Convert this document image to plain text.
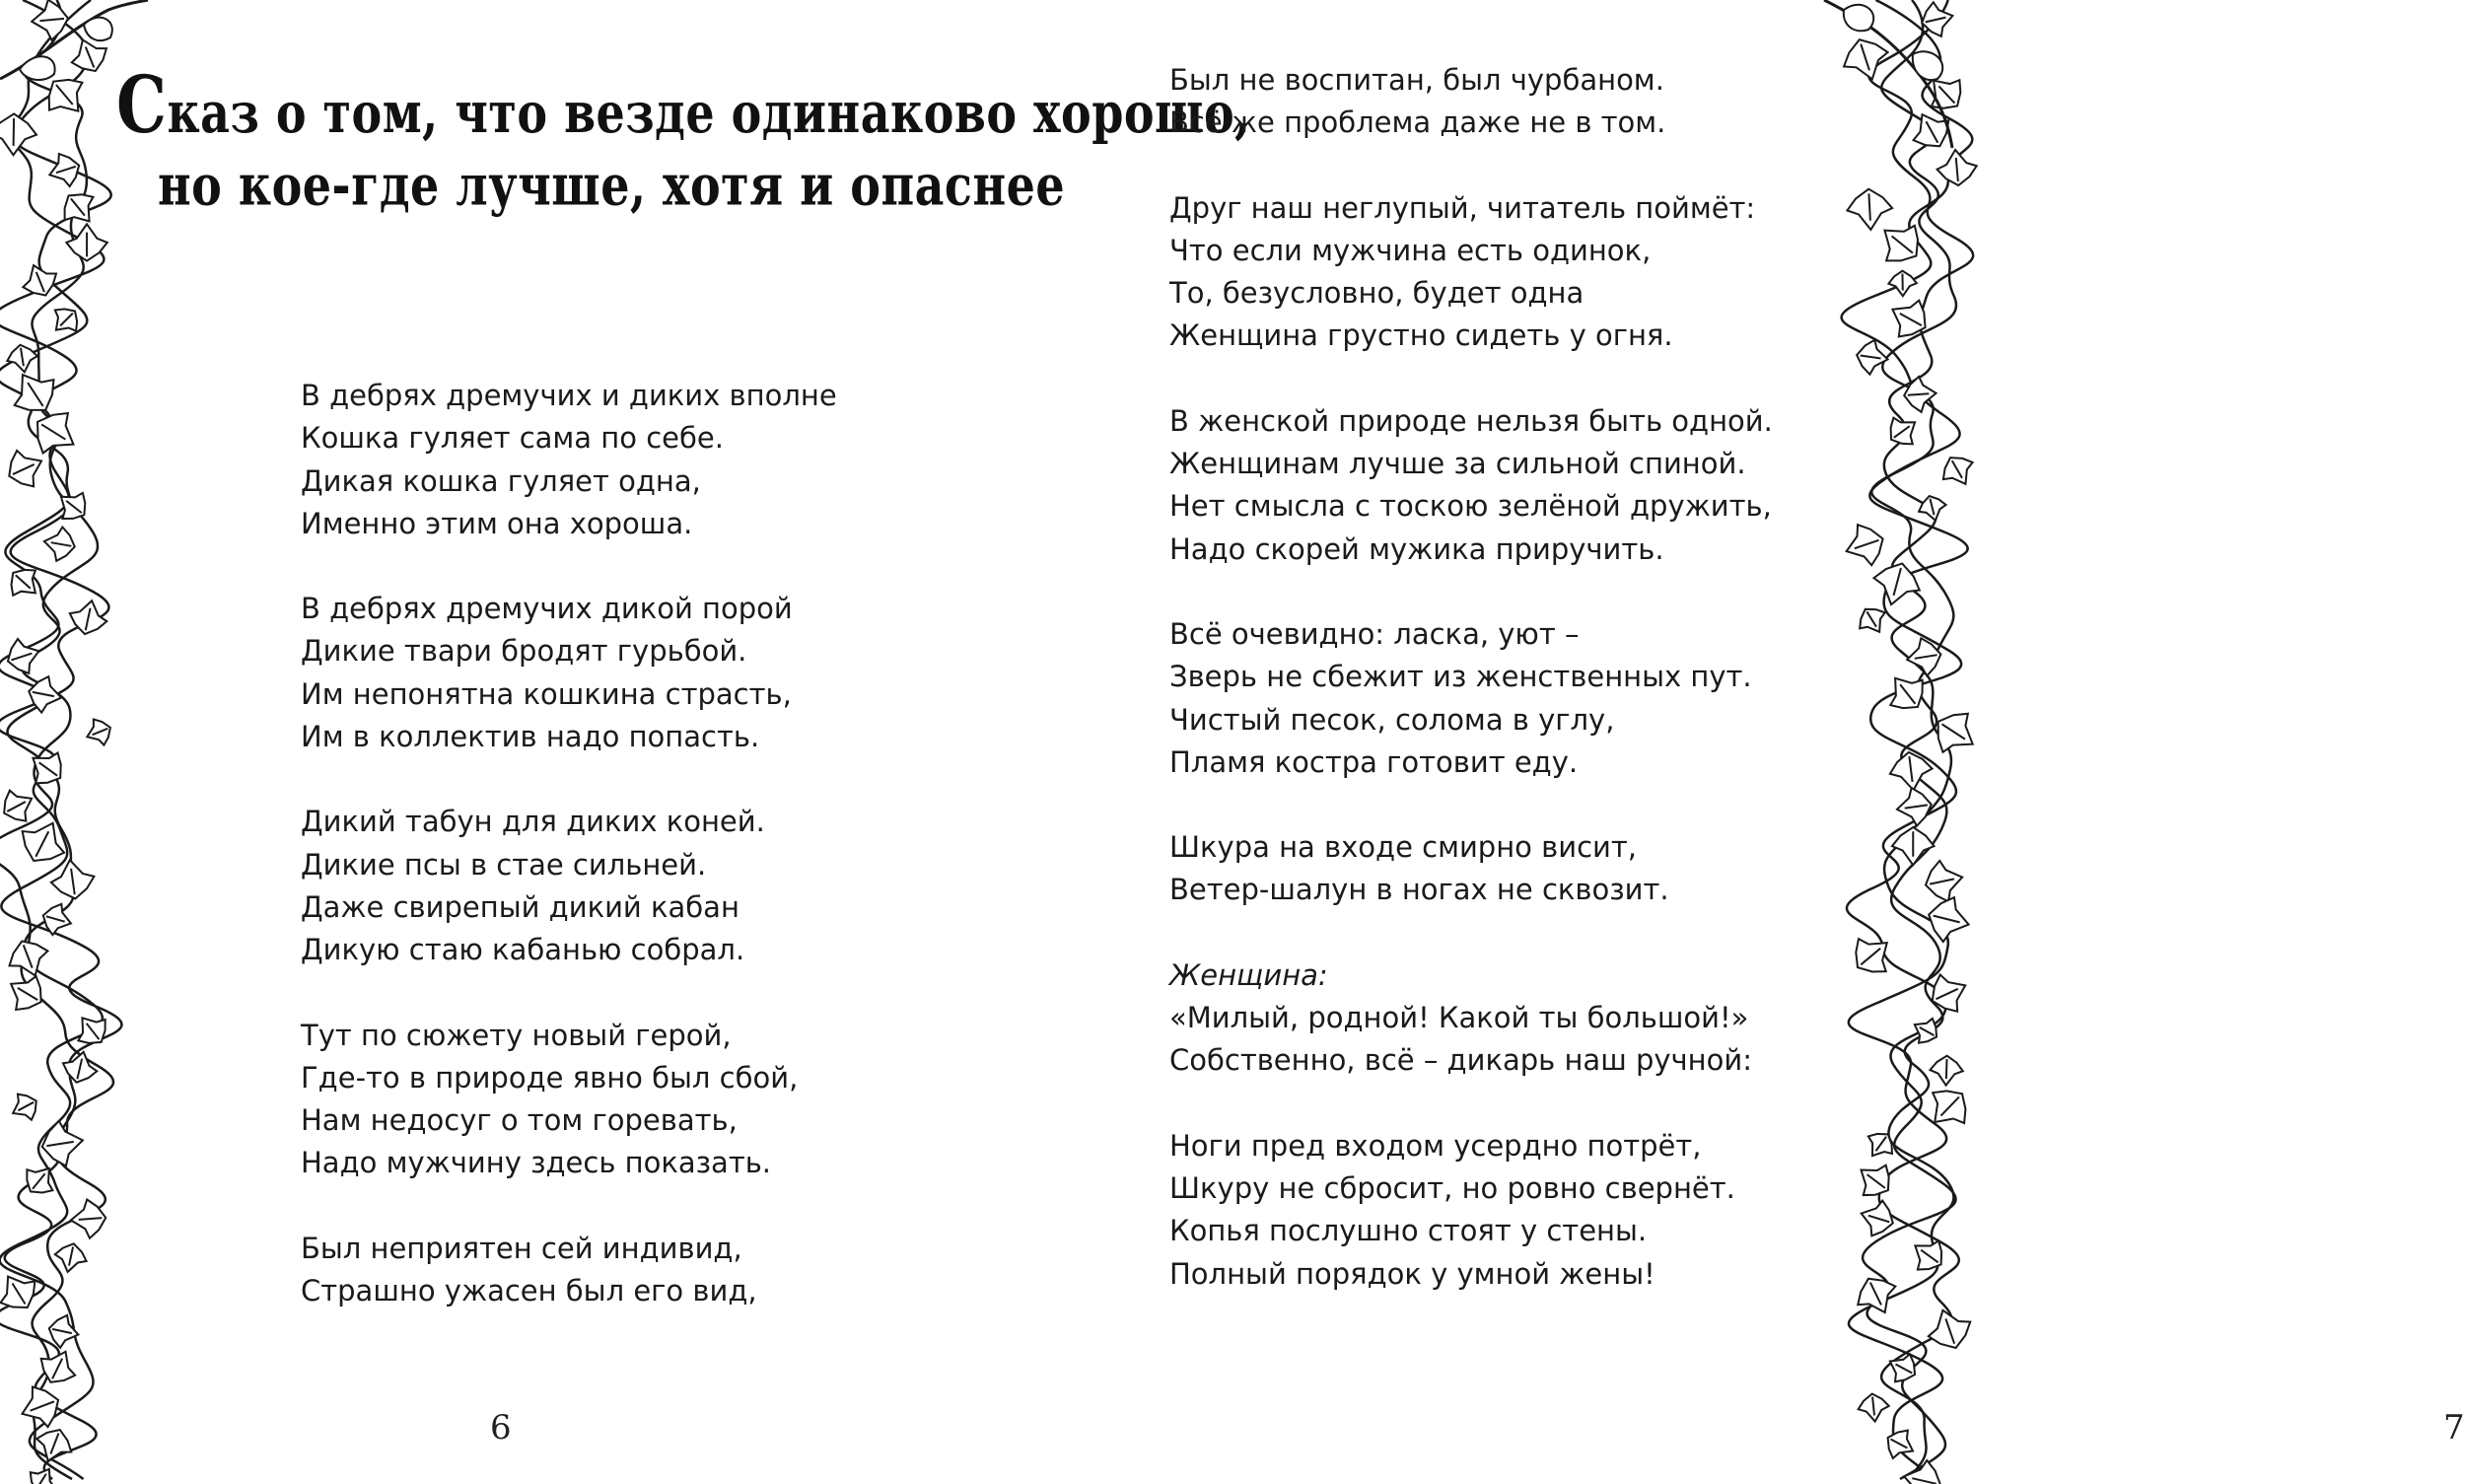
Сказ о том, что везде одинаково хорошо,
но кое-где лучше, хотя и опаснее
В дебрях дремучих и диких вполне
Кошка гуляет сама по себе.
Дикая кошка гуляет одна,
Именно этим она хороша.
В дебрях дремучих дикой порой
Дикие твари бродят гурьбой.
Им непонятна кошкина страсть,
Им в коллектив надо попасть.
Дикий табун для диких коней.
Дикие псы в стае сильней.
Даже свирепый дикий кабан
Дикую стаю кабанью собрал.
Тут по сюжету новый герой,
Где-то в природе явно был сбой,
Нам недосуг о том горевать,
Надо мужчину здесь показать.
Был неприятен сей индивид,
Страшно ужасен был его вид,
6	7
Был не воспитан, был чурбаном.
Всё же проблема даже не в том.
Друг наш неглупый, читатель поймёт:
Что если мужчина есть одинок,
То, безусловно, будет одна
Женщина грустно сидеть у огня.
В женской природе нельзя быть одной.
Женщинам лучше за сильной спиной.
Нет смысла с тоскою зелёной дружить,
Надо скорей мужика приручить.
Всё очевидно: ласка, уют –
Зверь не сбежит из женственных пут.
Чистый песок, солома в углу,
Пламя костра готовит еду.
Шкура на входе смирно висит,
Ветер-шалун в ногах не сквозит.
Женщина:
«Милый, родной! Какой ты большой!»
Собственно, всё – дикарь наш ручной:
Ноги пред входом усердно потрёт,
Шкуру не сбросит, но ровно свернёт.
Копья послушно стоят у стены.
Полный порядок у умной жены!
